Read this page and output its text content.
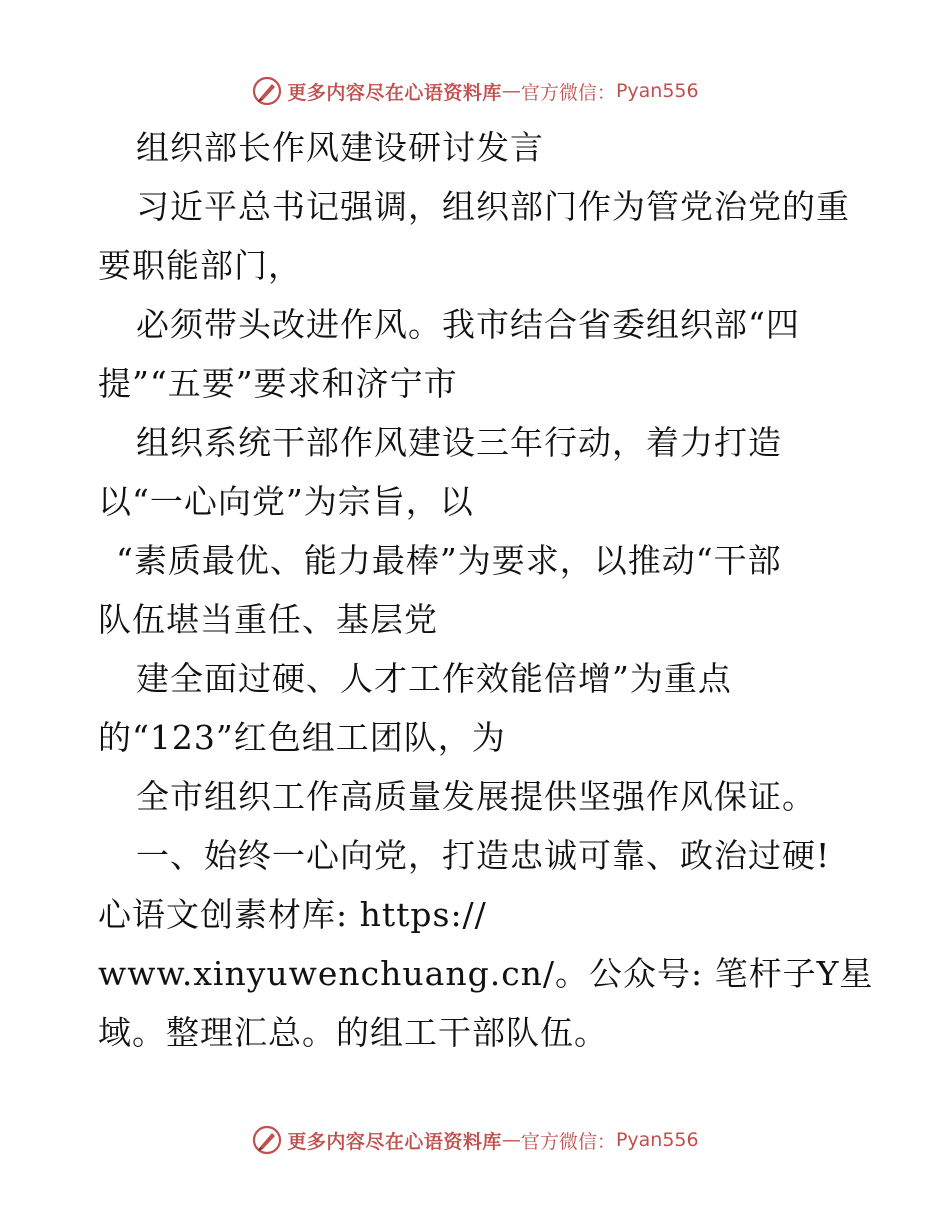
更多内容尽在心语资料库 — 官方微信： Pyan556
组织部长作风建设研讨发言
习近平总书记强调，组织部门作为管党治党的重
要职能部门，
必须带头改进作风。我市结合省委组织部“四
提”“五要”要求和济宁市
组织系统干部作风建设三年行动，着力打造
以“一心向党”为宗旨，以
“素质最优、能力最棒”为要求，以推动“干部
队伍堪当重任、基层党
建全面过硬、人才工作效能倍增”为重点
的“123”红色组工团队，为
全市组织工作高质量发展提供坚强作风保证。
一、始终一心向党，打造忠诚可靠、政治过硬!
心语文创素材库: https://
www.xinyuwenchuang.cn/。公众号: 笔杆子Y星
域。整理汇总。的组工干部队伍。
更多内容尽在心语资料库 — 官方微信： Pyan556
